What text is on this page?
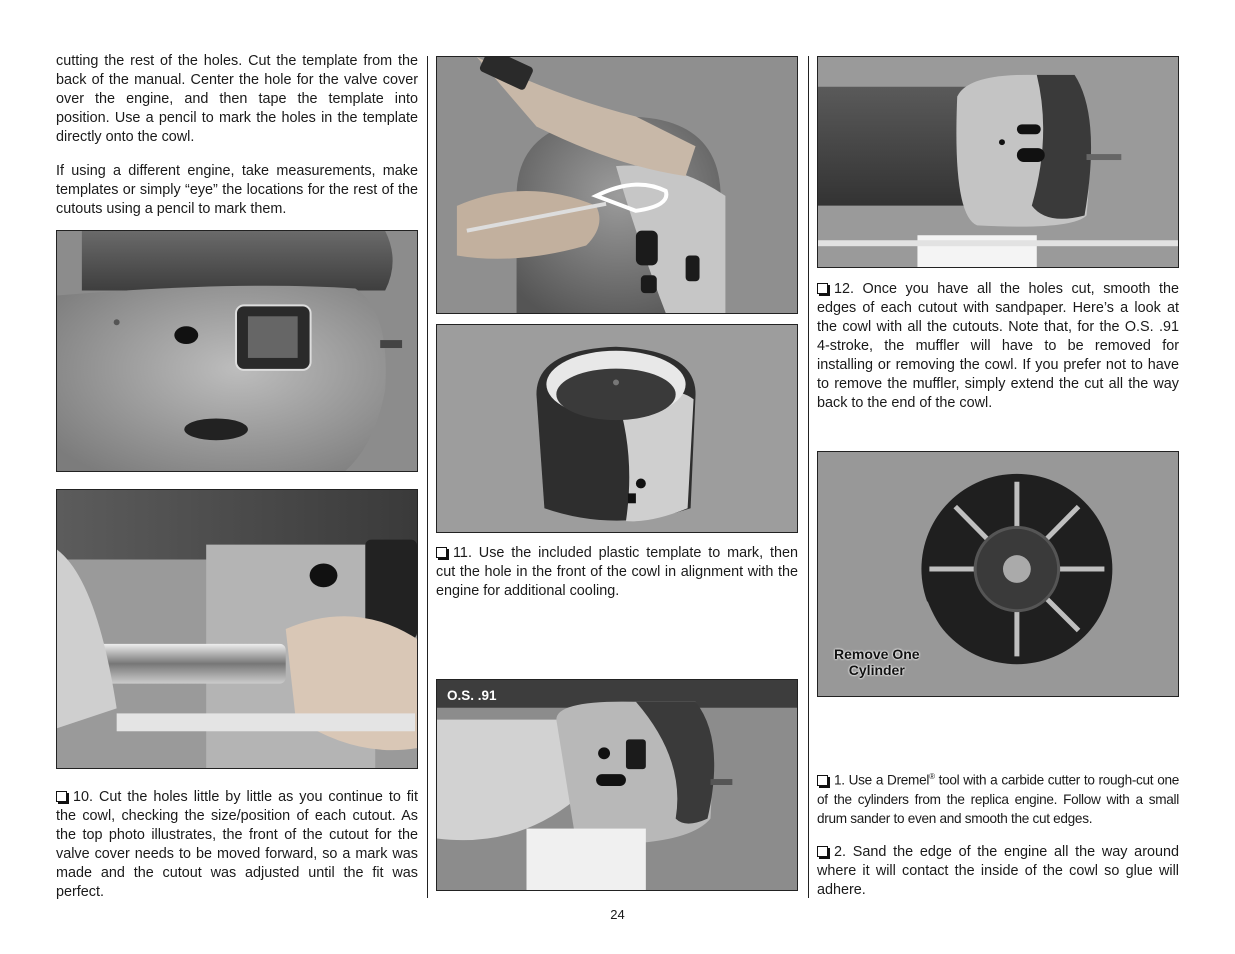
cutting the rest of the holes. Cut the template from the back of the manual. Center the hole for the valve cover over the engine, and then tape the template into position. Use a pencil to mark the holes in the template directly onto the cowl.

If using a different engine, take measurements, make templates or simply “eye” the locations for the rest of the cutouts using a pencil to mark them.

10. Cut the holes little by little as you continue to fit the cowl, checking the size/position of each cutout. As the top photo illustrates, the front of the cutout for the valve cover needs to be moved forward, so a mark was made and the cutout was adjusted until the fit was perfect.

11. Use the included plastic template to mark, then cut the hole in the front of the cowl in alignment with the engine for additional cooling.

O.S. .91

12. Once you have all the holes cut, smooth the edges of each cutout with sandpaper. Here’s a look at the cowl with all the cutouts. Note that, for the O.S. .91 4-stroke, the muffler will have to be removed for installing or removing the cowl. If you prefer not to have to remove the muffler, simply extend the cut all the way back to the end of the cowl.

Remove One
Cylinder

1. Use a Dremel® tool with a carbide cutter to rough-cut one of the cylinders from the replica engine. Follow with a small drum sander to even and smooth the cut edges.

2. Sand the edge of the engine all the way around where it will contact the inside of the cowl so glue will adhere.

24
